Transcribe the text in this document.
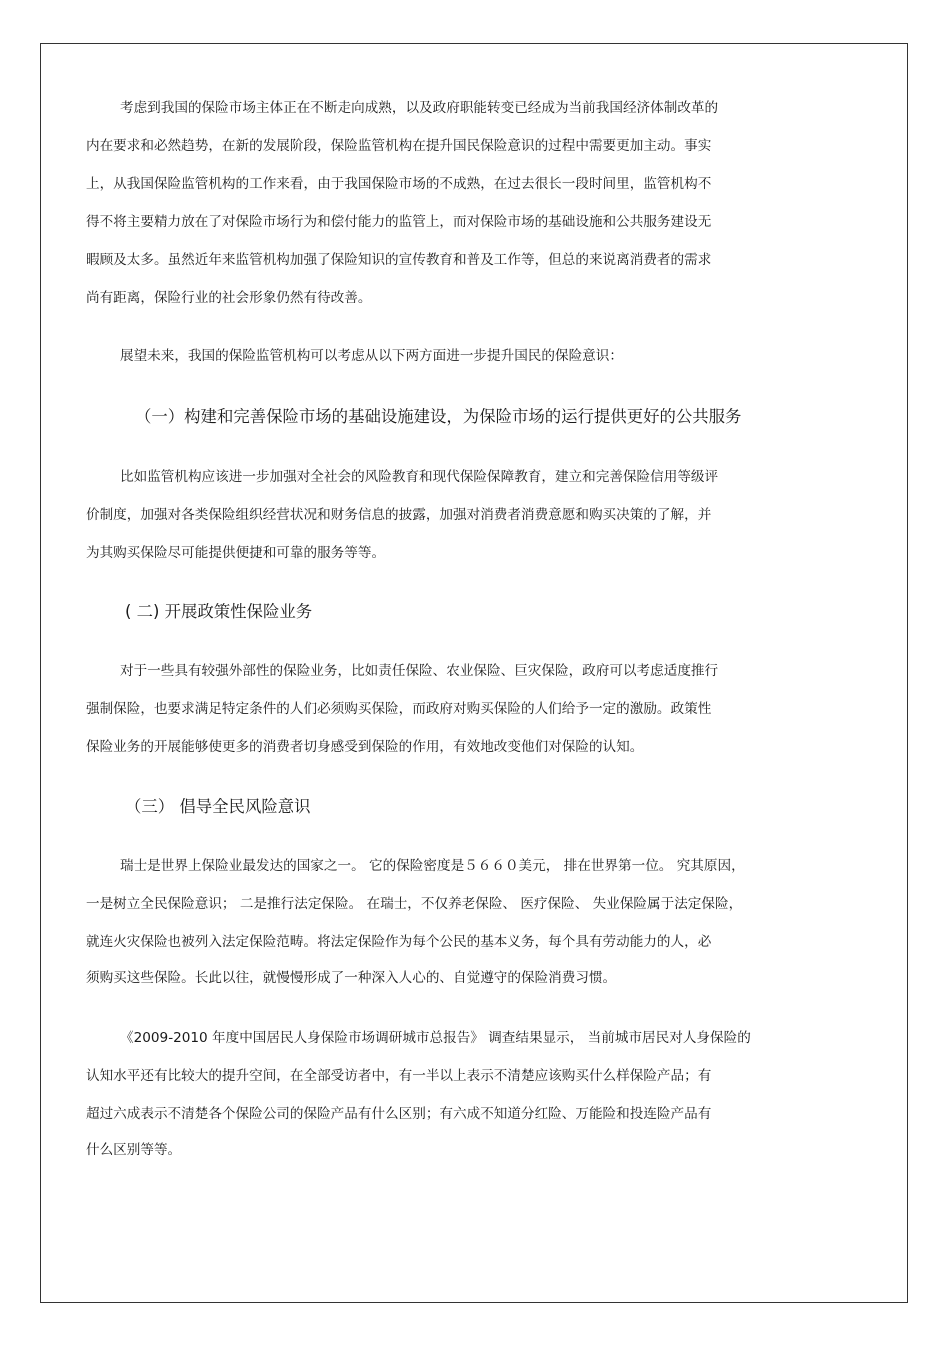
考虑到我国的保险市场主体正在不断走向成熟，以及政府职能转变已经成为当前我国经济体制改革的
内在要求和必然趋势，在新的发展阶段，保险监管机构在提升国民保险意识的过程中需要更加主动。事实
上，从我国保险监管机构的工作来看，由于我国保险市场的不成熟，在过去很长一段时间里，监管机构不
得不将主要精力放在了对保险市场行为和偿付能力的监管上，而对保险市场的基础设施和公共服务建设无
暇顾及太多。虽然近年来监管机构加强了保险知识的宣传教育和普及工作等，但总的来说离消费者的需求
尚有距离，保险行业的社会形象仍然有待改善。
展望未来，我国的保险监管机构可以考虑从以下两方面进一步提升国民的保险意识：
（一）构建和完善保险市场的基础设施建设，为保险市场的运行提供更好的公共服务
比如监管机构应该进一步加强对全社会的风险教育和现代保险保障教育，建立和完善保险信用等级评
价制度，加强对各类保险组织经营状况和财务信息的披露，加强对消费者消费意愿和购买决策的了解，并
为其购买保险尽可能提供便捷和可靠的服务等等。
( 二) 开展政策性保险业务
对于一些具有较强外部性的保险业务，比如责任保险、农业保险、巨灾保险，政府可以考虑适度推行
强制保险，也要求满足特定条件的人们必须购买保险，而政府对购买保险的人们给予一定的激励。政策性
保险业务的开展能够使更多的消费者切身感受到保险的作用，有效地改变他们对保险的认知。
（三） 倡导全民风险意识
瑞士是世界上保险业最发达的国家之一。 它的保险密度是５６６０美元， 排在世界第一位。 究其原因，
一是树立全民保险意识； 二是推行法定保险。 在瑞士，不仅养老保险、 医疗保险、 失业保险属于法定保险，
就连火灾保险也被列入法定保险范畴。将法定保险作为每个公民的基本义务，每个具有劳动能力的人，必
须购买这些保险。长此以往，就慢慢形成了一种深入人心的、自觉遵守的保险消费习惯。
《2009-2010 年度中国居民人身保险市场调研城市总报告》 调查结果显示， 当前城市居民对人身保险的
认知水平还有比较大的提升空间，在全部受访者中，有一半以上表示不清楚应该购买什么样保险产品；有
超过六成表示不清楚各个保险公司的保险产品有什么区别；有六成不知道分红险、万能险和投连险产品有
什么区别等等。
